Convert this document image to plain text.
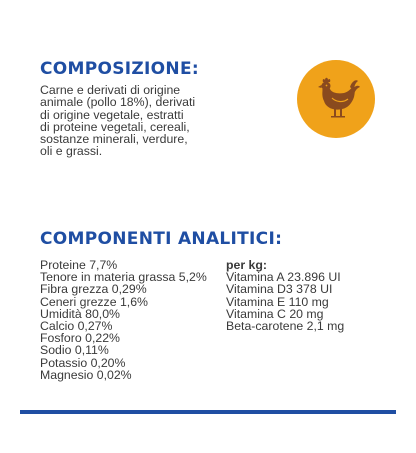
COMPOSIZIONE:

Carne e derivati di origine
animale (pollo 18%), derivati
di origine vegetale, estratti
di proteine vegetali, cereali,
sostanze minerali, verdure,
oli e grassi.

COMPONENTI ANALITICI:
Proteine 7,7%
Tenore in materia grassa 5,2%
Fibra grezza 0,29%
Ceneri grezze 1,6%
Umidità 80,0%
Calcio 0,27%
Fosforo 0,22%
Sodio 0,11%
Potassio 0,20%
Magnesio 0,02%

per kg:

Vitamina A 23.896 UI
Vitamina D3 378 UI
Vitamina E 110 mg
Vitamina C 20 mg
Beta-carotene 2,1 mg
